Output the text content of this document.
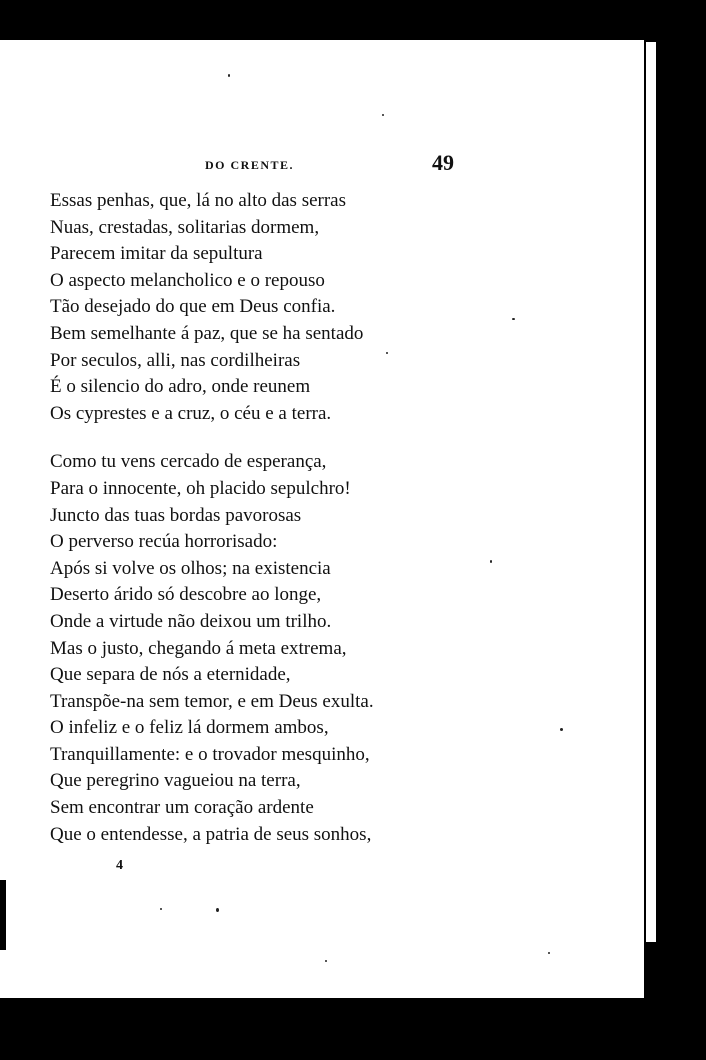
DO CRENTE.	49
Essas penhas, que, lá no alto das serras
Nuas, crestadas, solitarias dormem,
Parecem imitar da sepultura
O aspecto melancholico e o repouso
Tão desejado do que em Deus confia.
Bem semelhante á paz, que se ha sentado
Por seculos, alli, nas cordilheiras
É o silencio do adro, onde reunem
Os cyprestes e a cruz, o céu e a terra.
Como tu vens cercado de esperança,
Para o innocente, oh placido sepulchro!
Juncto das tuas bordas pavorosas
O perverso recúa horrorisado:
Após si volve os olhos; na existencia
Deserto árido só descobre ao longe,
Onde a virtude não deixou um trilho.
Mas o justo, chegando á meta extrema,
Que separa de nós a eternidade,
Transpõe-na sem temor, e em Deus exulta.
O infeliz e o feliz lá dormem ambos,
Tranquillamente: e o trovador mesquinho,
Que peregrino vagueiou na terra,
Sem encontrar um coração ardente
Que o entendesse, a patria de seus sonhos,
4
